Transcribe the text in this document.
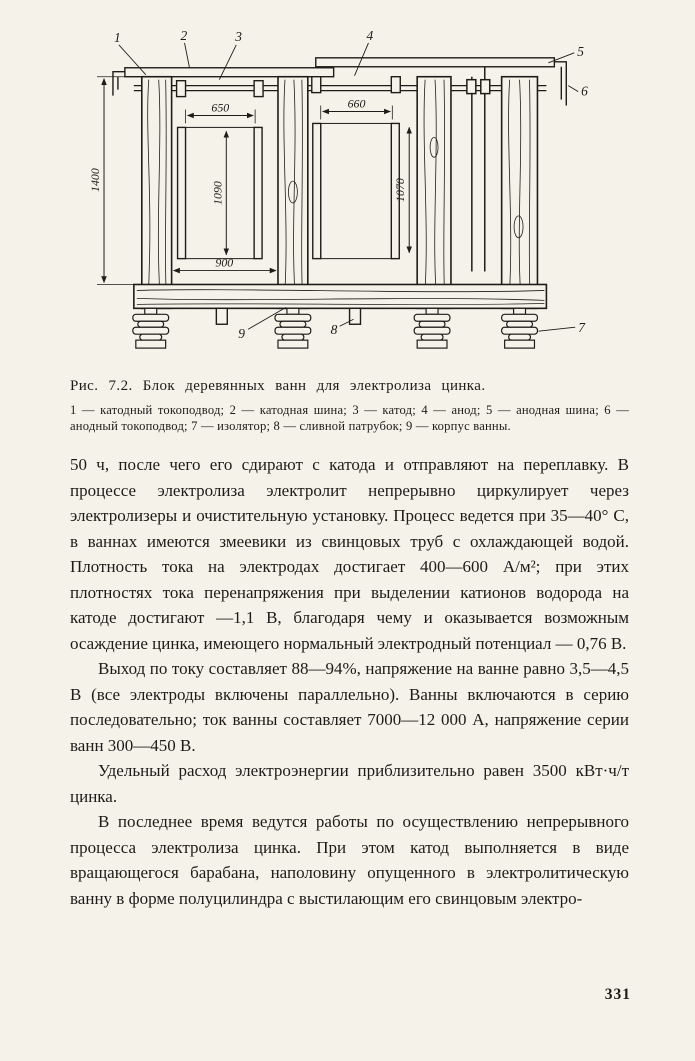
650	660
1090	1070
900
1400
1	2	3	4
5
6
7
8
9
Рис. 7.2. Блок деревянных ванн для электролиза цинка.
1 — катодный токоподвод; 2 — катодная шина; 3 — катод; 4 — анод; 5 — анодная шина; 6 — анодный токоподвод; 7 — изолятор; 8 — сливной патрубок; 9 — корпус ванны.

50 ч, после чего его сдирают с катода и отправляют на переплавку. В процессе электролиза электролит непрерывно циркулирует через электролизеры и очистительную установку. Процесс ведется при 35—40° С, в ваннах имеются змеевики из свинцовых труб с охлаждающей водой. Плотность тока на электродах достигает 400—600 А/м²; при этих плотностях тока перенапряжения при выделении катионов водорода на катоде достигают —1,1 В, благодаря чему и оказывается возможным осаждение цинка, имеющего нормальный электродный потенциал — 0,76 В.

Выход по току составляет 88—94%, напряжение на ванне равно 3,5—4,5 В (все электроды включены параллельно). Ванны включаются в серию последовательно; ток ванны составляет 7000—12 000 А, напряжение серии ванн 300—450 В.

Удельный расход электроэнергии приблизительно равен 3500 кВт·ч/т цинка.

В последнее время ведутся работы по осуществлению непрерывного процесса электролиза цинка. При этом катод выполняется в виде вращающегося барабана, наполовину опущенного в электролитическую ванну в форме полуцилиндра с выстилающим его свинцовым электро-

331
